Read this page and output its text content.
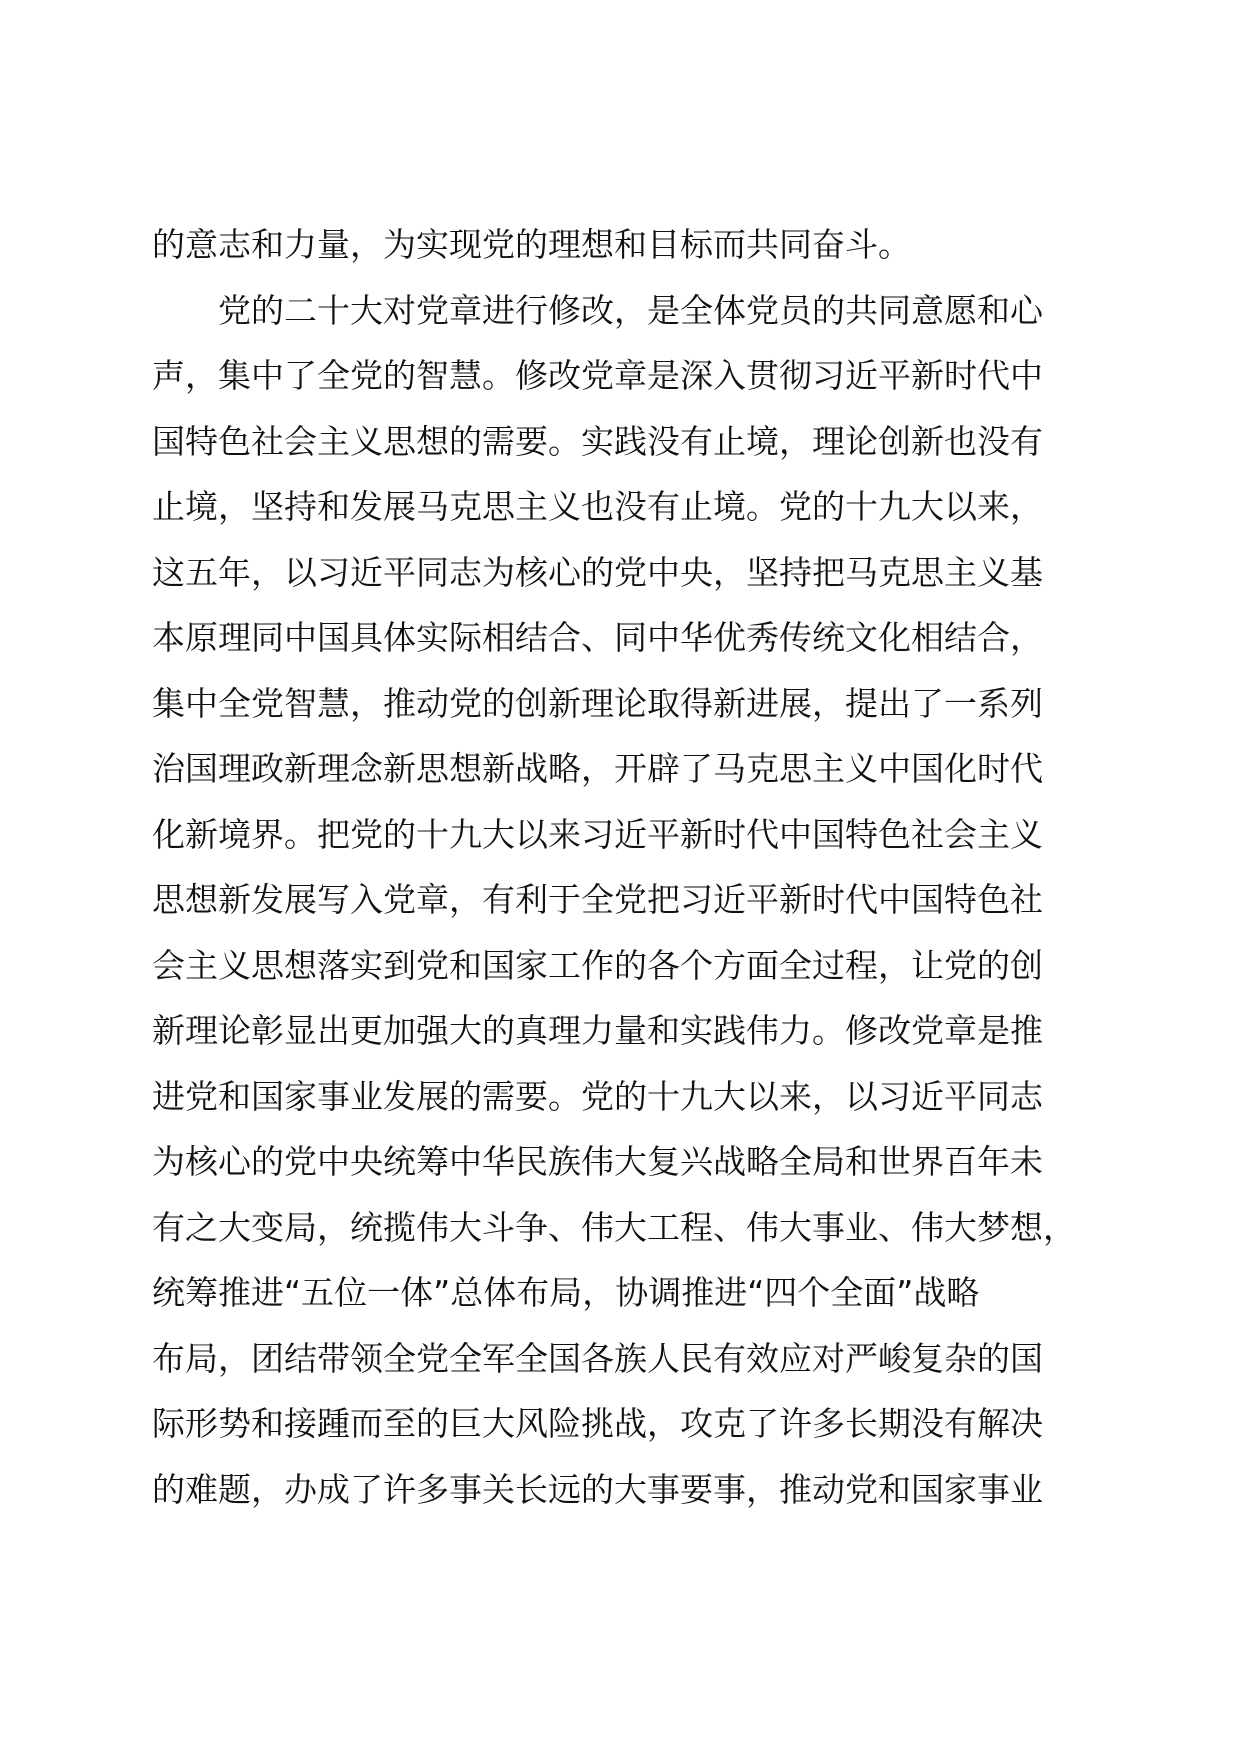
的意志和力量，为实现党的理想和目标而共同奋斗。
党的二十大对党章进行修改，是全体党员的共同意愿和心
声，集中了全党的智慧。修改党章是深入贯彻习近平新时代中
国特色社会主义思想的需要。实践没有止境，理论创新也没有
止境，坚持和发展马克思主义也没有止境。党的十九大以来，
这五年，以习近平同志为核心的党中央，坚持把马克思主义基
本原理同中国具体实际相结合、同中华优秀传统文化相结合，
集中全党智慧，推动党的创新理论取得新进展，提出了一系列
治国理政新理念新思想新战略，开辟了马克思主义中国化时代
化新境界。把党的十九大以来习近平新时代中国特色社会主义
思想新发展写入党章，有利于全党把习近平新时代中国特色社
会主义思想落实到党和国家工作的各个方面全过程，让党的创
新理论彰显出更加强大的真理力量和实践伟力。修改党章是推
进党和国家事业发展的需要。党的十九大以来，以习近平同志
为核心的党中央统筹中华民族伟大复兴战略全局和世界百年未
有之大变局，统揽伟大斗争、伟大工程、伟大事业、伟大梦想，
统筹推进“五位一体”总体布局，协调推进“四个全面”战略
布局，团结带领全党全军全国各族人民有效应对严峻复杂的国
际形势和接踵而至的巨大风险挑战，攻克了许多长期没有解决
的难题，办成了许多事关长远的大事要事，推动党和国家事业
